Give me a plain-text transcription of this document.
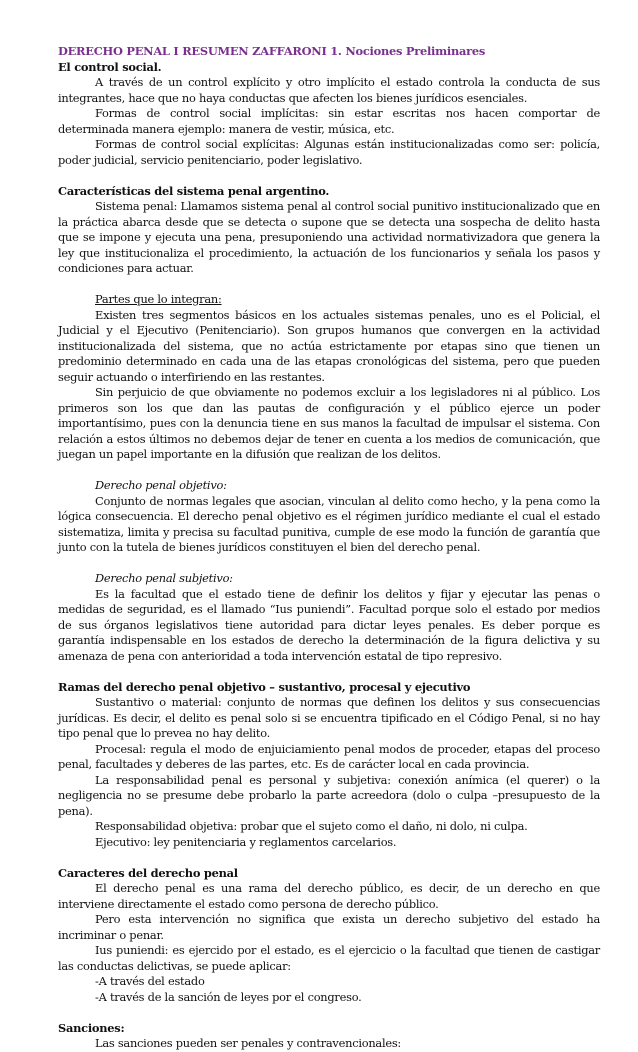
DERECHO PENAL I RESUMEN ZAFFARONI 1. Nociones Preliminares

El control social.

A través de un control explícito y otro implícito el estado controla la conducta de sus integrantes, hace que no haya conductas que afecten los bienes jurídicos esenciales.

Formas de control social implícitas: sin estar escritas nos hacen comportar de determinada manera ejemplo: manera de vestir, música, etc.

Formas de control social explícitas: Algunas están institucionalizadas como ser: policía, poder judicial, servicio penitenciario, poder legislativo.

Características del sistema penal argentino.

Sistema penal: Llamamos sistema penal al control social punitivo institucionalizado que en la práctica abarca desde que se detecta o supone que se detecta una sospecha de delito hasta que se impone y ejecuta una pena, presuponiendo una actividad normativizadora que genera la ley que institucionaliza el procedimiento, la actuación de los funcionarios y señala los pasos y condiciones para actuar.

Partes que lo integran:

Existen tres segmentos básicos en los actuales sistemas penales, uno es el Policial, el Judicial y el Ejecutivo (Penitenciario). Son grupos humanos que convergen en la actividad institucionalizada del sistema, que no actúa estrictamente por etapas sino que tienen un predominio determinado en cada una de las etapas cronológicas del sistema, pero que pueden seguir actuando o interfiriendo en las restantes.

Sin perjuicio de que obviamente no podemos excluir a los legisladores ni al público. Los primeros son los que dan las pautas de configuración y el público ejerce un poder importantísimo, pues con la denuncia tiene en sus manos la facultad de impulsar el sistema. Con relación a estos últimos no debemos dejar de tener en cuenta a los medios de comunicación, que juegan un papel importante en la difusión que realizan de los delitos.

Derecho penal objetivo:

Conjunto de normas legales que asocian, vinculan al delito como hecho, y la pena como la lógica consecuencia. El derecho penal objetivo es el régimen jurídico mediante el cual el estado sistematiza, limita y precisa su facultad punitiva, cumple de ese modo la función de garantía que junto con la tutela de bienes jurídicos constituyen el bien del derecho penal.

Derecho penal subjetivo:

Es la facultad que el estado tiene de definir los delitos y fijar y ejecutar las penas o medidas de seguridad, es el llamado “Ius puniendi”. Facultad porque solo el estado por medios de sus órganos legislativos tiene autoridad para dictar leyes penales. Es deber porque es garantía indispensable en los estados de derecho la determinación de la figura delictiva y su amenaza de pena con anterioridad a toda intervención estatal de tipo represivo.

Ramas del derecho penal objetivo – sustantivo, procesal y ejecutivo

Sustantivo o material: conjunto de normas que definen los delitos y sus consecuencias jurídicas. Es decir, el delito es penal solo si se encuentra tipificado en el Código Penal, si no hay tipo penal que lo prevea no hay delito.

Procesal: regula el modo de enjuiciamiento penal modos de proceder, etapas del proceso penal, facultades y deberes de las partes, etc. Es de carácter local en cada provincia.

La responsabilidad penal es personal y subjetiva: conexión anímica (el querer) o la negligencia no se presume debe probarlo la parte acreedora (dolo o culpa –presupuesto de la pena).

Responsabilidad objetiva: probar que el sujeto como el daño, ni dolo, ni culpa.

Ejecutivo: ley penitenciaria y reglamentos carcelarios.

Caracteres del derecho penal

El derecho penal es una rama del derecho público, es decir, de un derecho en que interviene directamente el estado como persona de derecho público.

Pero esta intervención no significa que exista un derecho subjetivo del estado ha incriminar o penar.

Ius puniendi: es ejercido por el estado, es el ejercicio o la facultad que tienen de castigar las conductas delictivas, se puede aplicar:

-A través del estado

-A través de la sanción de leyes por el congreso.

Sanciones:

Las sanciones pueden ser penales y contravencionales:
